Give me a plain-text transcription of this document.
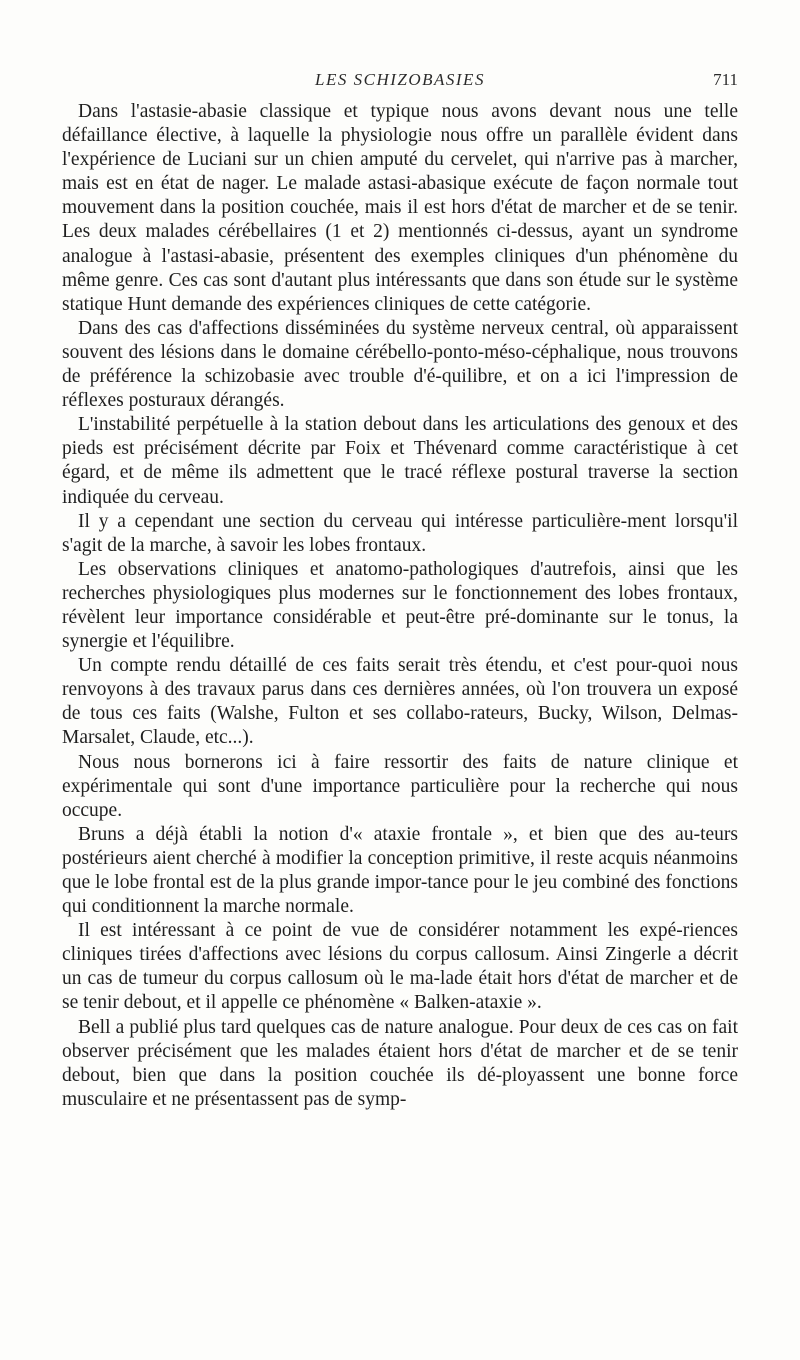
LES SCHIZOBASIES	711

Dans l'astasie-abasie classique et typique nous avons devant nous une telle défaillance élective, à laquelle la physiologie nous offre un parallèle évident dans l'expérience de Luciani sur un chien amputé du cervelet, qui n'arrive pas à marcher, mais est en état de nager. Le malade astasi-abasique exécute de façon normale tout mouvement dans la position couchée, mais il est hors d'état de marcher et de se tenir. Les deux malades cérébellaires (1 et 2) mentionnés ci-dessus, ayant un syndrome analogue à l'astasi-abasie, présentent des exemples cliniques d'un phénomène du même genre. Ces cas sont d'autant plus intéressants que dans son étude sur le système statique Hunt demande des expériences cliniques de cette catégorie.

Dans des cas d'affections disséminées du système nerveux central, où apparaissent souvent des lésions dans le domaine cérébello-ponto-méso-céphalique, nous trouvons de préférence la schizobasie avec trouble d'é-quilibre, et on a ici l'impression de réflexes posturaux dérangés.

L'instabilité perpétuelle à la station debout dans les articulations des genoux et des pieds est précisément décrite par Foix et Thévenard comme caractéristique à cet égard, et de même ils admettent que le tracé réflexe postural traverse la section indiquée du cerveau.

Il y a cependant une section du cerveau qui intéresse particulière-ment lorsqu'il s'agit de la marche, à savoir les lobes frontaux.

Les observations cliniques et anatomo-pathologiques d'autrefois, ainsi que les recherches physiologiques plus modernes sur le fonctionnement des lobes frontaux, révèlent leur importance considérable et peut-être pré-dominante sur le tonus, la synergie et l'équilibre.

Un compte rendu détaillé de ces faits serait très étendu, et c'est pour-quoi nous renvoyons à des travaux parus dans ces dernières années, où l'on trouvera un exposé de tous ces faits (Walshe, Fulton et ses collabo-rateurs, Bucky, Wilson, Delmas-Marsalet, Claude, etc...).

Nous nous bornerons ici à faire ressortir des faits de nature clinique et expérimentale qui sont d'une importance particulière pour la recherche qui nous occupe.

Bruns a déjà établi la notion d'« ataxie frontale », et bien que des au-teurs postérieurs aient cherché à modifier la conception primitive, il reste acquis néanmoins que le lobe frontal est de la plus grande impor-tance pour le jeu combiné des fonctions qui conditionnent la marche normale.

Il est intéressant à ce point de vue de considérer notamment les expé-riences cliniques tirées d'affections avec lésions du corpus callosum. Ainsi Zingerle a décrit un cas de tumeur du corpus callosum où le ma-lade était hors d'état de marcher et de se tenir debout, et il appelle ce phénomène « Balken-ataxie ».

Bell a publié plus tard quelques cas de nature analogue. Pour deux de ces cas on fait observer précisément que les malades étaient hors d'état de marcher et de se tenir debout, bien que dans la position couchée ils dé-ployassent une bonne force musculaire et ne présentassent pas de symp-
